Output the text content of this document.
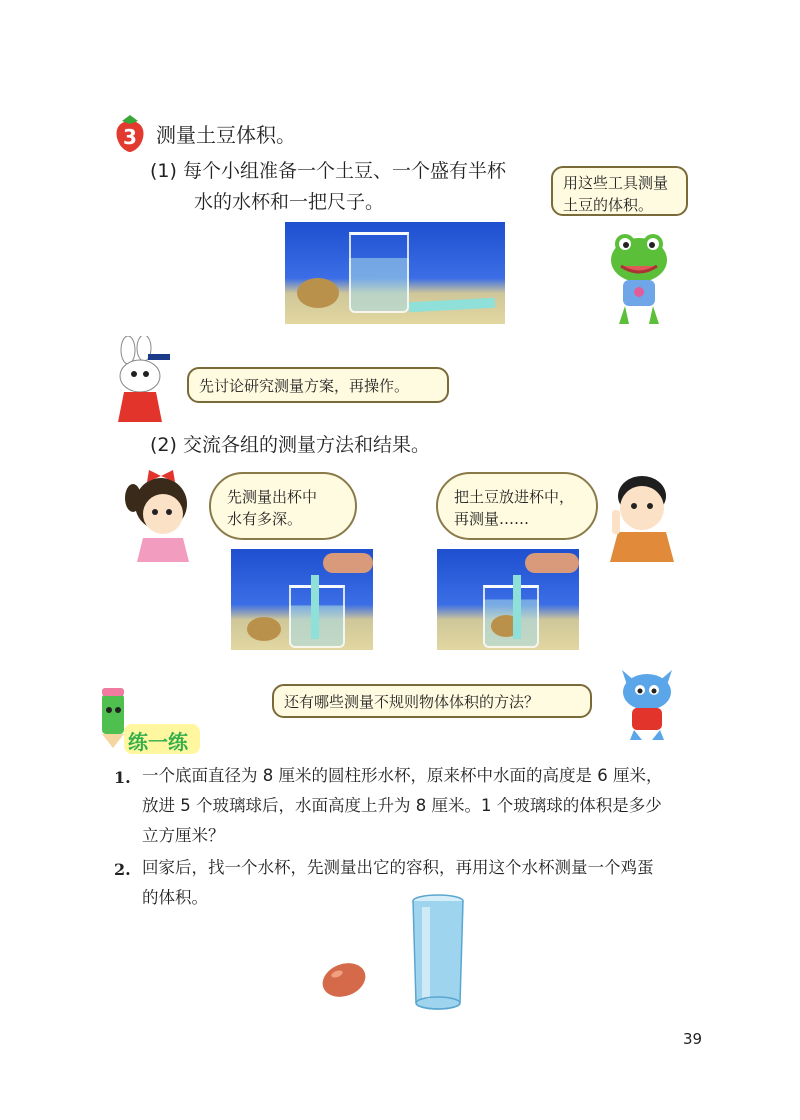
3 测量土豆体积。
(1) 每个小组准备一个土豆、一个盛有半杯
水的水杯和一把尺子。
用这些工具测量
土豆的体积。
先讨论研究测量方案，再操作。
(2) 交流各组的测量方法和结果。
先测量出杯中
水有多深。
把土豆放进杯中，
再测量……
还有哪些测量不规则物体体积的方法？
练一练
1. 一个底面直径为 8 厘米的圆柱形水杯，原来杯中水面的高度是 6 厘米，
放进 5 个玻璃球后，水面高度上升为 8 厘米。1 个玻璃球的体积是多少
立方厘米？
2. 回家后，找一个水杯，先测量出它的容积，再用这个水杯测量一个鸡蛋
的体积。
39
